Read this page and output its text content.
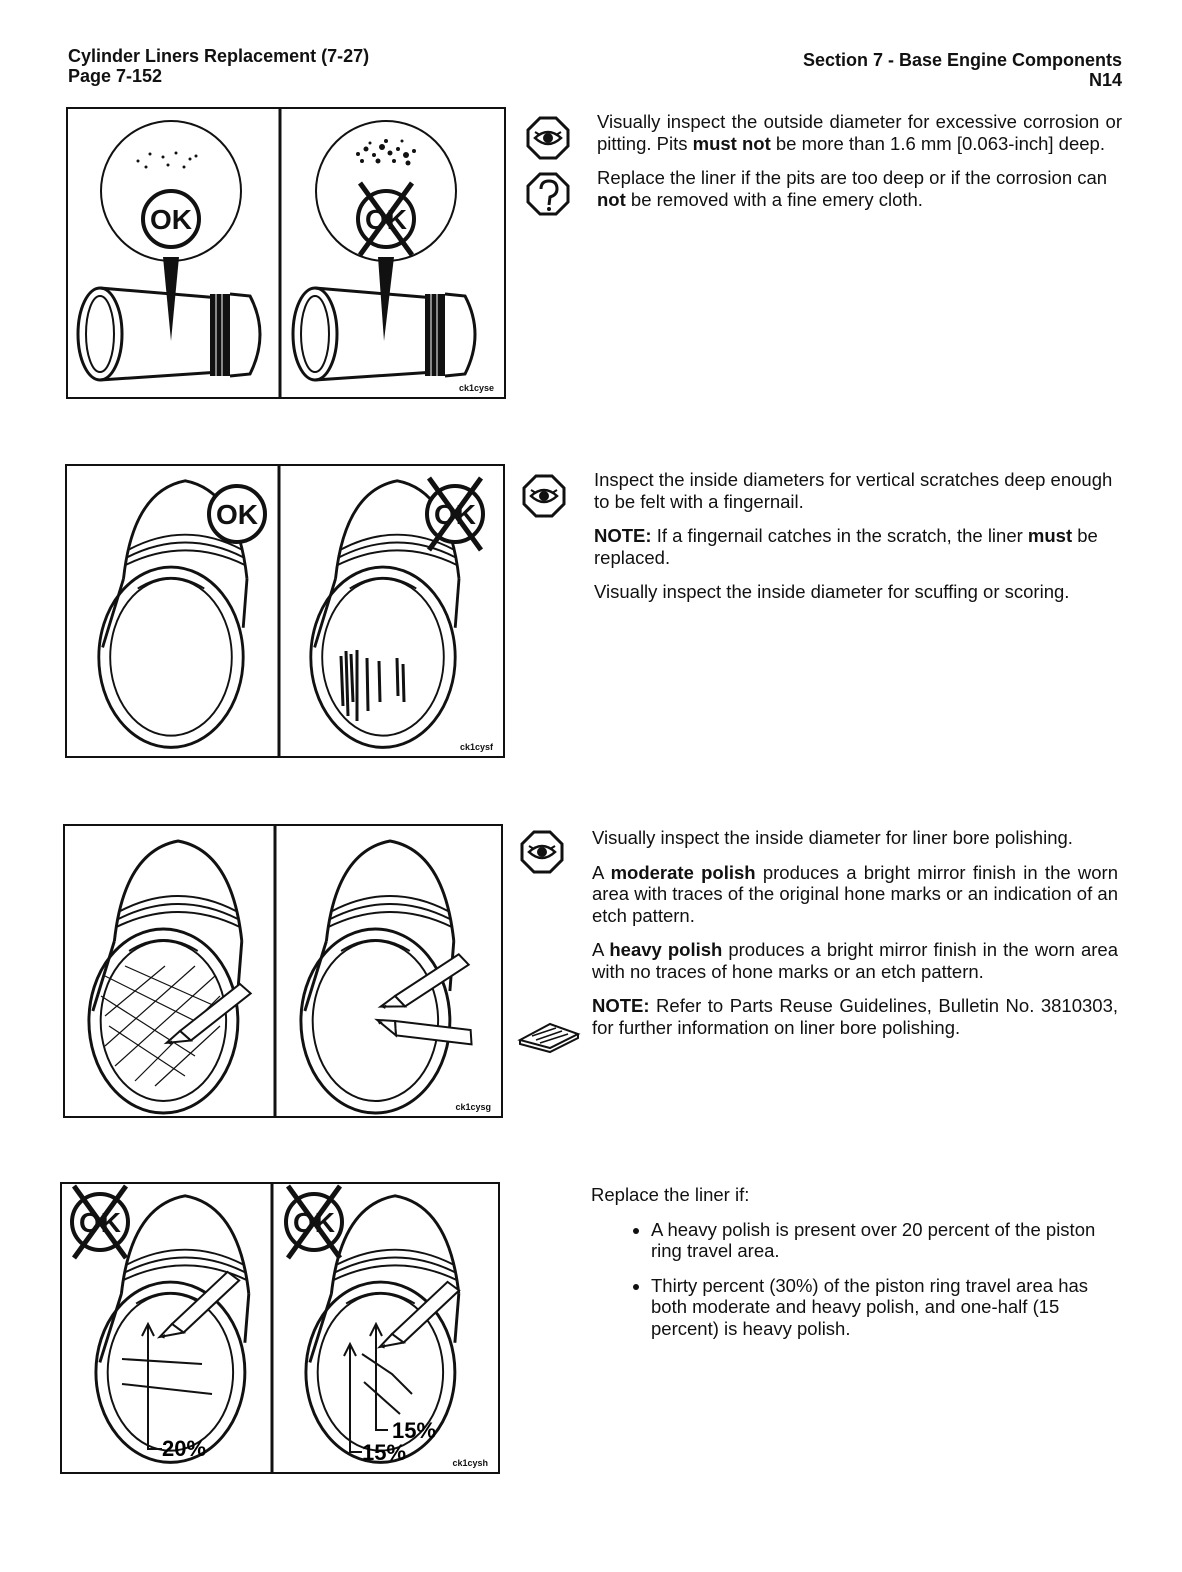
Cylinder Liners Replacement (7-27)
Page 7-152
Section 7 - Base Engine Components
N14
ck1cyse
ck1cysf
ck1cysg
20%
15%
15%	ck1cysh

Visually inspect the outside diameter for excessive corrosion or pitting. Pits must not be more than 1.6 mm [0.063-inch] deep.

Replace the liner if the pits are too deep or if the corrosion can not be removed with a fine emery cloth.

Inspect the inside diameters for vertical scratches deep enough to be felt with a fingernail.

NOTE: If a fingernail catches in the scratch, the liner must be replaced.

Visually inspect the inside diameter for scuffing or scoring.

Visually inspect the inside diameter for liner bore polishing.

A moderate polish produces a bright mirror finish in the worn area with traces of the original hone marks or an indication of an etch pattern.

A heavy polish produces a bright mirror finish in the worn area with no traces of hone marks or an etch pattern.

NOTE: Refer to Parts Reuse Guidelines, Bulletin No. 3810303, for further information on liner bore polishing.

Replace the liner if:

• A heavy polish is present over 20 percent of the piston ring travel area.
• Thirty percent (30%) of the piston ring travel area has both moderate and heavy polish, and one-half (15 percent) is heavy polish.
